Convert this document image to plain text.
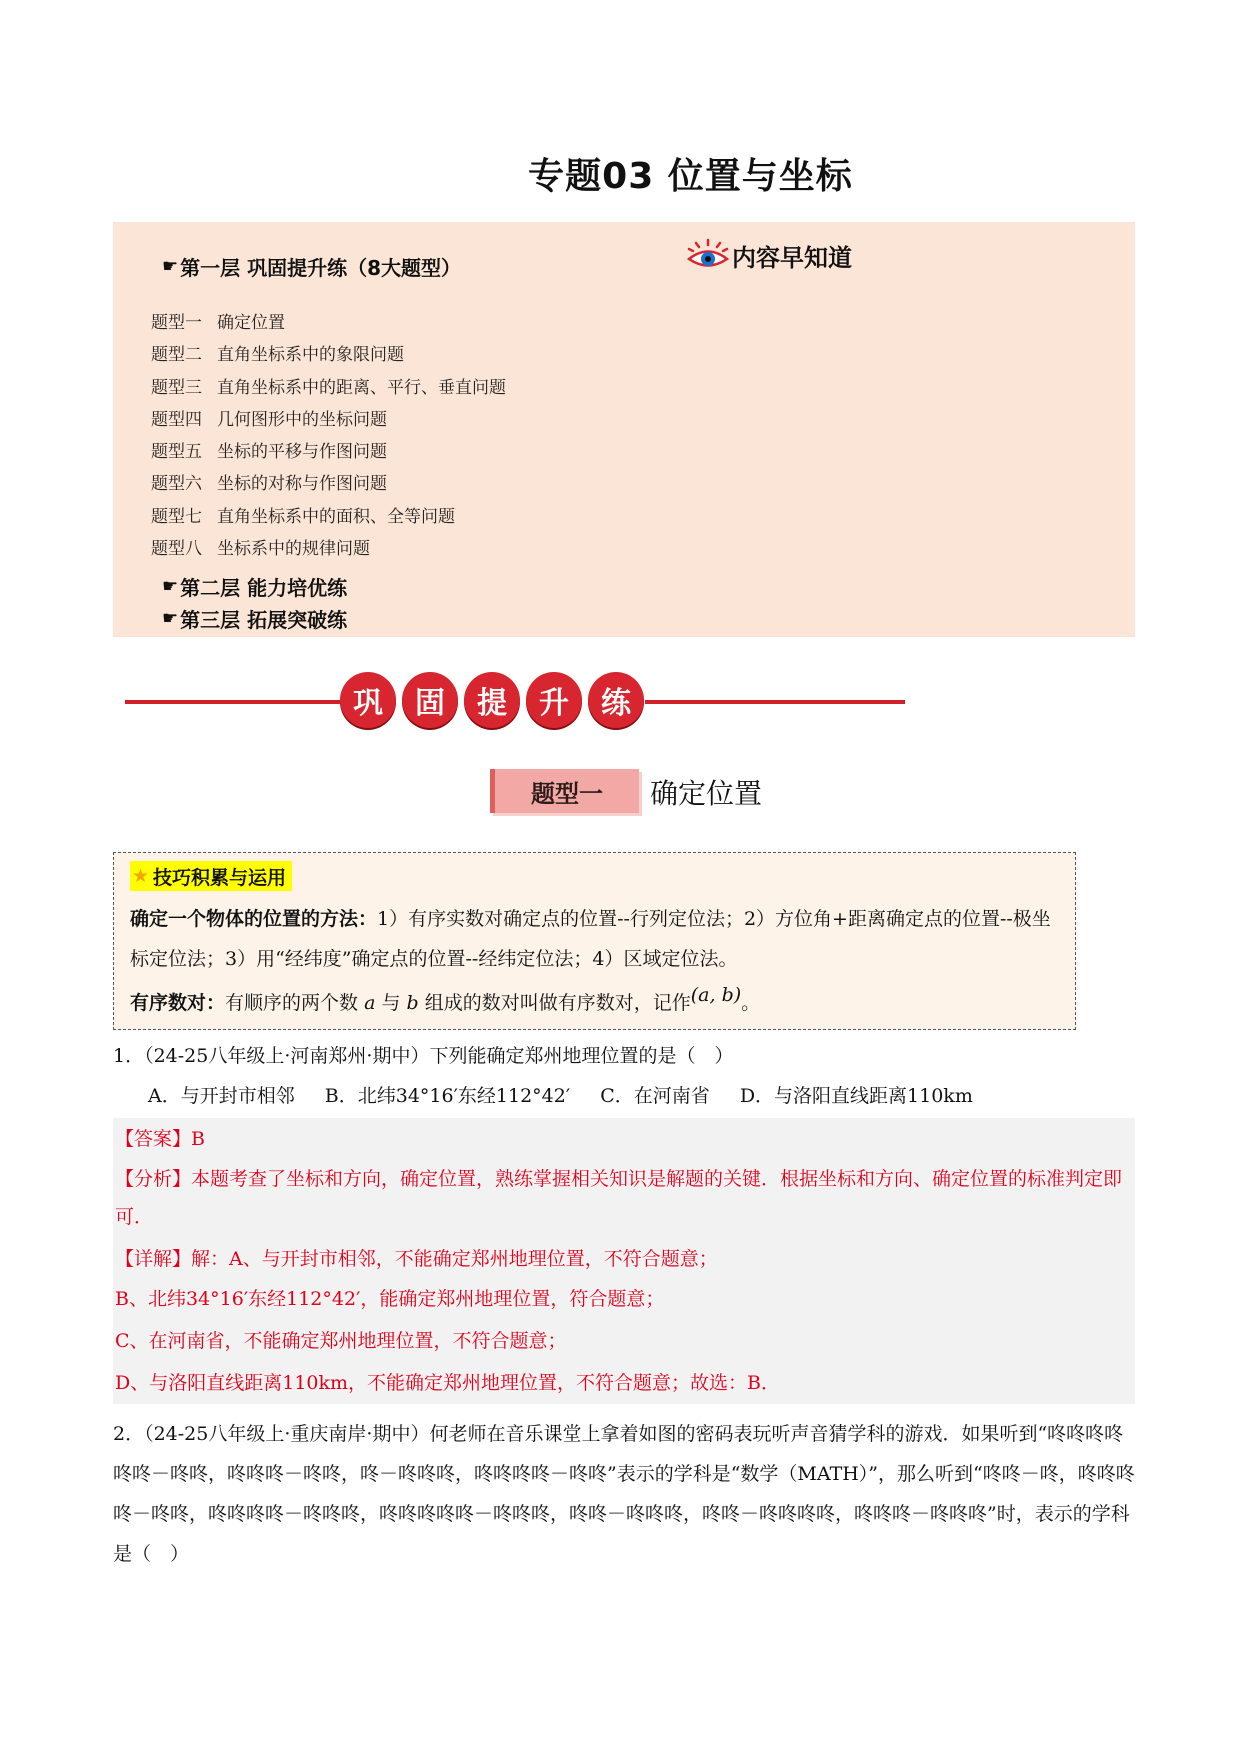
专题03 位置与坐标
内容早知道
☛ 第一层 巩固提升练（8大题型）
题型一 确定位置
题型二 直角坐标系中的象限问题
题型三 直角坐标系中的距离、平行、垂直问题
题型四 几何图形中的坐标问题
题型五 坐标的平移与作图问题
题型六 坐标的对称与作图问题
题型七 直角坐标系中的面积、全等问题
题型八 坐标系中的规律问题
☛ 第二层 能力培优练
☛ 第三层 拓展突破练
巩	固	提	升	练
题型一	确定位置
★ 技巧积累与运用
确定一个物体的位置的方法：1）有序实数对确定点的位置--行列定位法；2）方位角+距离确定点的位置--极坐标定位法；3）用“经纬度”确定点的位置--经纬定位法；4）区域定位法。
有序数对：有顺序的两个数 a 与 b 组成的数对叫做有序数对，记作(a, b)。
1．（24-25八年级上·河南郑州·期中）下列能确定郑州地理位置的是（　）
A．与开封市相邻 B．北纬34°16′东经112°42′ C．在河南省 D．与洛阳直线距离110km
【答案】B
【分析】本题考查了坐标和方向，确定位置，熟练掌握相关知识是解题的关键．根据坐标和方向、确定位置的标准判定即可．
【详解】解：A、与开封市相邻，不能确定郑州地理位置，不符合题意；
B、北纬34°16′东经112°42′，能确定郑州地理位置，符合题意；
C、在河南省，不能确定郑州地理位置，不符合题意；
D、与洛阳直线距离110km，不能确定郑州地理位置，不符合题意；故选：B．
2．（24-25八年级上·重庆南岸·期中）何老师在音乐课堂上拿着如图的密码表玩听声音猜学科的游戏．如果听到“咚咚咚咚咚咚－咚咚，咚咚咚－咚咚，咚－咚咚咚，咚咚咚咚－咚咚”表示的学科是“数学（MATH）”，那么听到“咚咚－咚，咚咚咚咚－咚咚，咚咚咚咚－咚咚咚，咚咚咚咚咚－咚咚咚，咚咚－咚咚咚，咚咚－咚咚咚咚，咚咚咚－咚咚咚”时，表示的学科是（　）
